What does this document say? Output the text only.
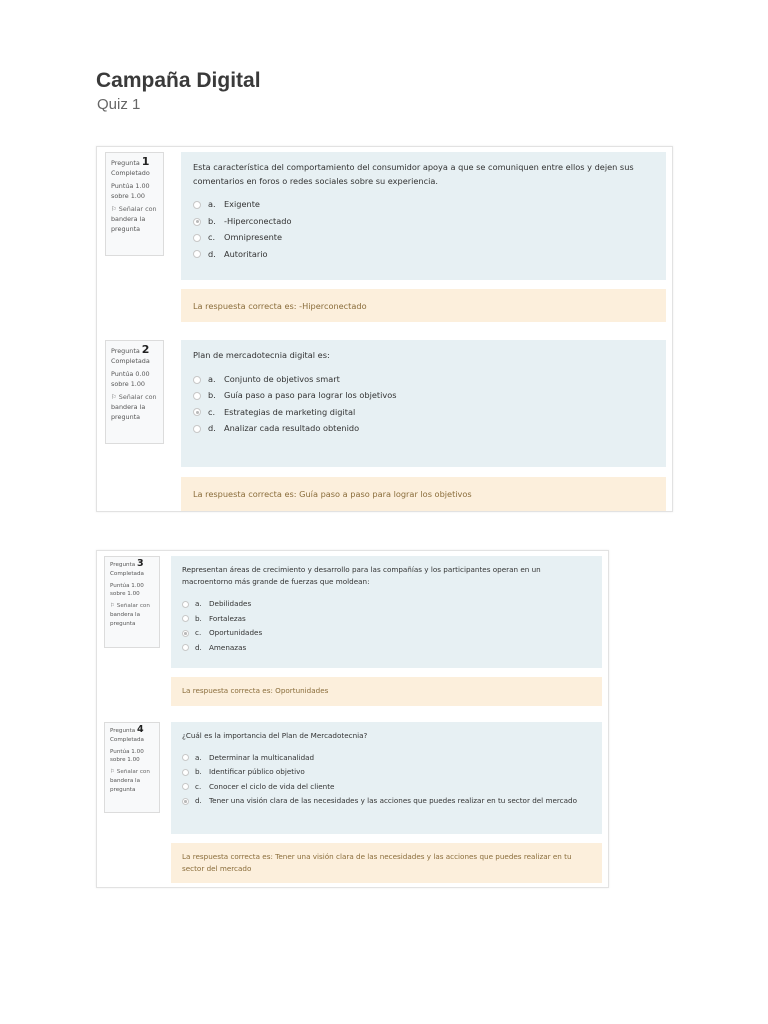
Campaña Digital
Quiz 1
Pregunta 1
Completado
Puntúa 1.00
sobre 1.00
⚐ Señalar con
bandera la
pregunta
Esta característica del comportamiento del consumidor apoya a que se comuniquen entre ellos y dejen sus comentarios en foros o redes sociales sobre su experiencia.
a.	Exigente
b. -Hiperconectado
c.	Omnipresente
d. Autoritario
La respuesta correcta es: -Hiperconectado
Pregunta 2
Completada
Puntúa 0.00
sobre 1.00
⚐ Señalar con
bandera la
pregunta
Plan de mercadotecnia digital es:
a.	Conjunto de objetivos smart
b. Guía paso a paso para lograr los objetivos
c.	Estrategias de marketing digital
d. Analizar cada resultado obtenido
La respuesta correcta es: Guía paso a paso para lograr los objetivos
Pregunta 3
Completada
Puntúa 1.00
sobre 1.00
⚐ Señalar con
bandera la
pregunta
Representan áreas de crecimiento y desarrollo para las compañías y los participantes operan en un macroentorno más grande de fuerzas que moldean:
a.	Debilidades
b. Fortalezas
c.	Oportunidades
d. Amenazas
La respuesta correcta es: Oportunidades
Pregunta 4
Completada
Puntúa 1.00
sobre 1.00
⚐ Señalar con
bandera la
pregunta
¿Cuál es la importancia del Plan de Mercadotecnia?
a.	Determinar la multicanalidad
b. Identificar público objetivo
c.	Conocer el ciclo de vida del cliente
d. Tener una visión clara de las necesidades y las acciones que puedes realizar en tu sector del mercado
La respuesta correcta es: Tener una visión clara de las necesidades y las acciones que puedes realizar en tu sector del mercado
